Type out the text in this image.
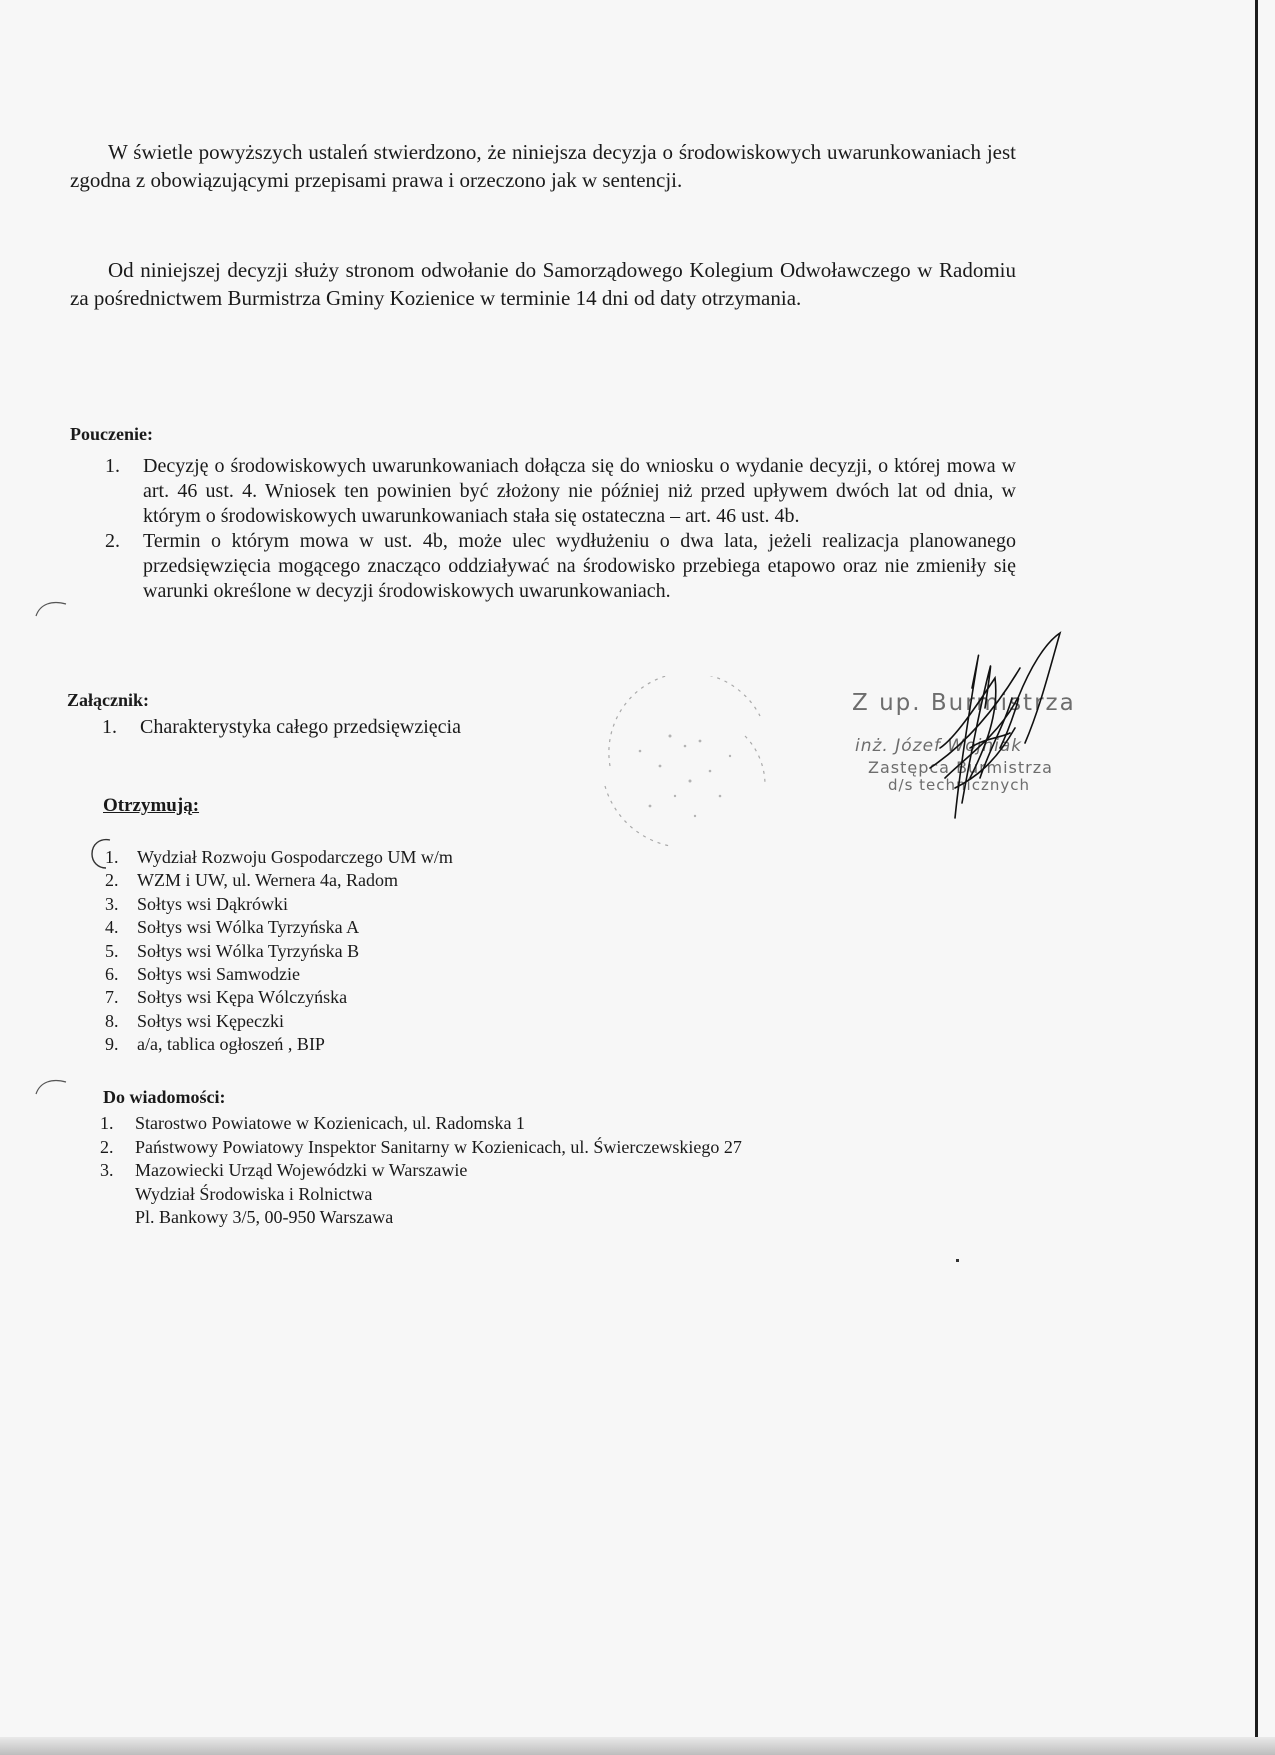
W świetle powyższych ustaleń stwierdzono, że niniejsza decyzja o środowiskowych uwarunkowaniach jest zgodna z obowiązującymi przepisami prawa i orzeczono jak w sentencji.
Od niniejszej decyzji służy stronom odwołanie do Samorządowego Kolegium Odwoławczego w Radomiu za pośrednictwem Burmistrza Gminy Kozienice w terminie 14 dni od daty otrzymania.
Pouczenie:
1. Decyzję o środowiskowych uwarunkowaniach dołącza się do wniosku o wydanie decyzji, o której mowa w art. 46 ust. 4. Wniosek ten powinien być złożony nie później niż przed upływem dwóch lat od dnia, w którym o środowiskowych uwarunkowaniach stała się ostateczna – art. 46 ust. 4b.
2. Termin o którym mowa w ust. 4b, może ulec wydłużeniu o dwa lata, jeżeli realizacja planowanego przedsięwzięcia mogącego znacząco oddziaływać na środowisko przebiega etapowo oraz nie zmieniły się warunki określone w decyzji środowiskowych uwarunkowaniach.
Załącznik:
1. Charakterystyka całego przedsięwzięcia
Z up. Burmistrza
inż. Józef Wojniak
Zastępca Burmistrza
d/s technicznych
Otrzymują:
1. Wydział Rozwoju Gospodarczego UM w/m
2. WZM i UW, ul. Wernera 4a, Radom
3. Sołtys wsi Dąkrówki
4. Sołtys wsi Wólka Tyrzyńska A
5. Sołtys wsi Wólka Tyrzyńska B
6. Sołtys wsi Samwodzie
7. Sołtys wsi Kępa Wólczyńska
8. Sołtys wsi Kępeczki
9. a/a, tablica ogłoszeń , BIP
Do wiadomości:
1. Starostwo Powiatowe w Kozienicach, ul. Radomska 1
2. Państwowy Powiatowy Inspektor Sanitarny w Kozienicach, ul. Świerczewskiego 27
3. Mazowiecki Urząd Wojewódzki w Warszawie
Wydział Środowiska i Rolnictwa
Pl. Bankowy 3/5, 00-950 Warszawa
